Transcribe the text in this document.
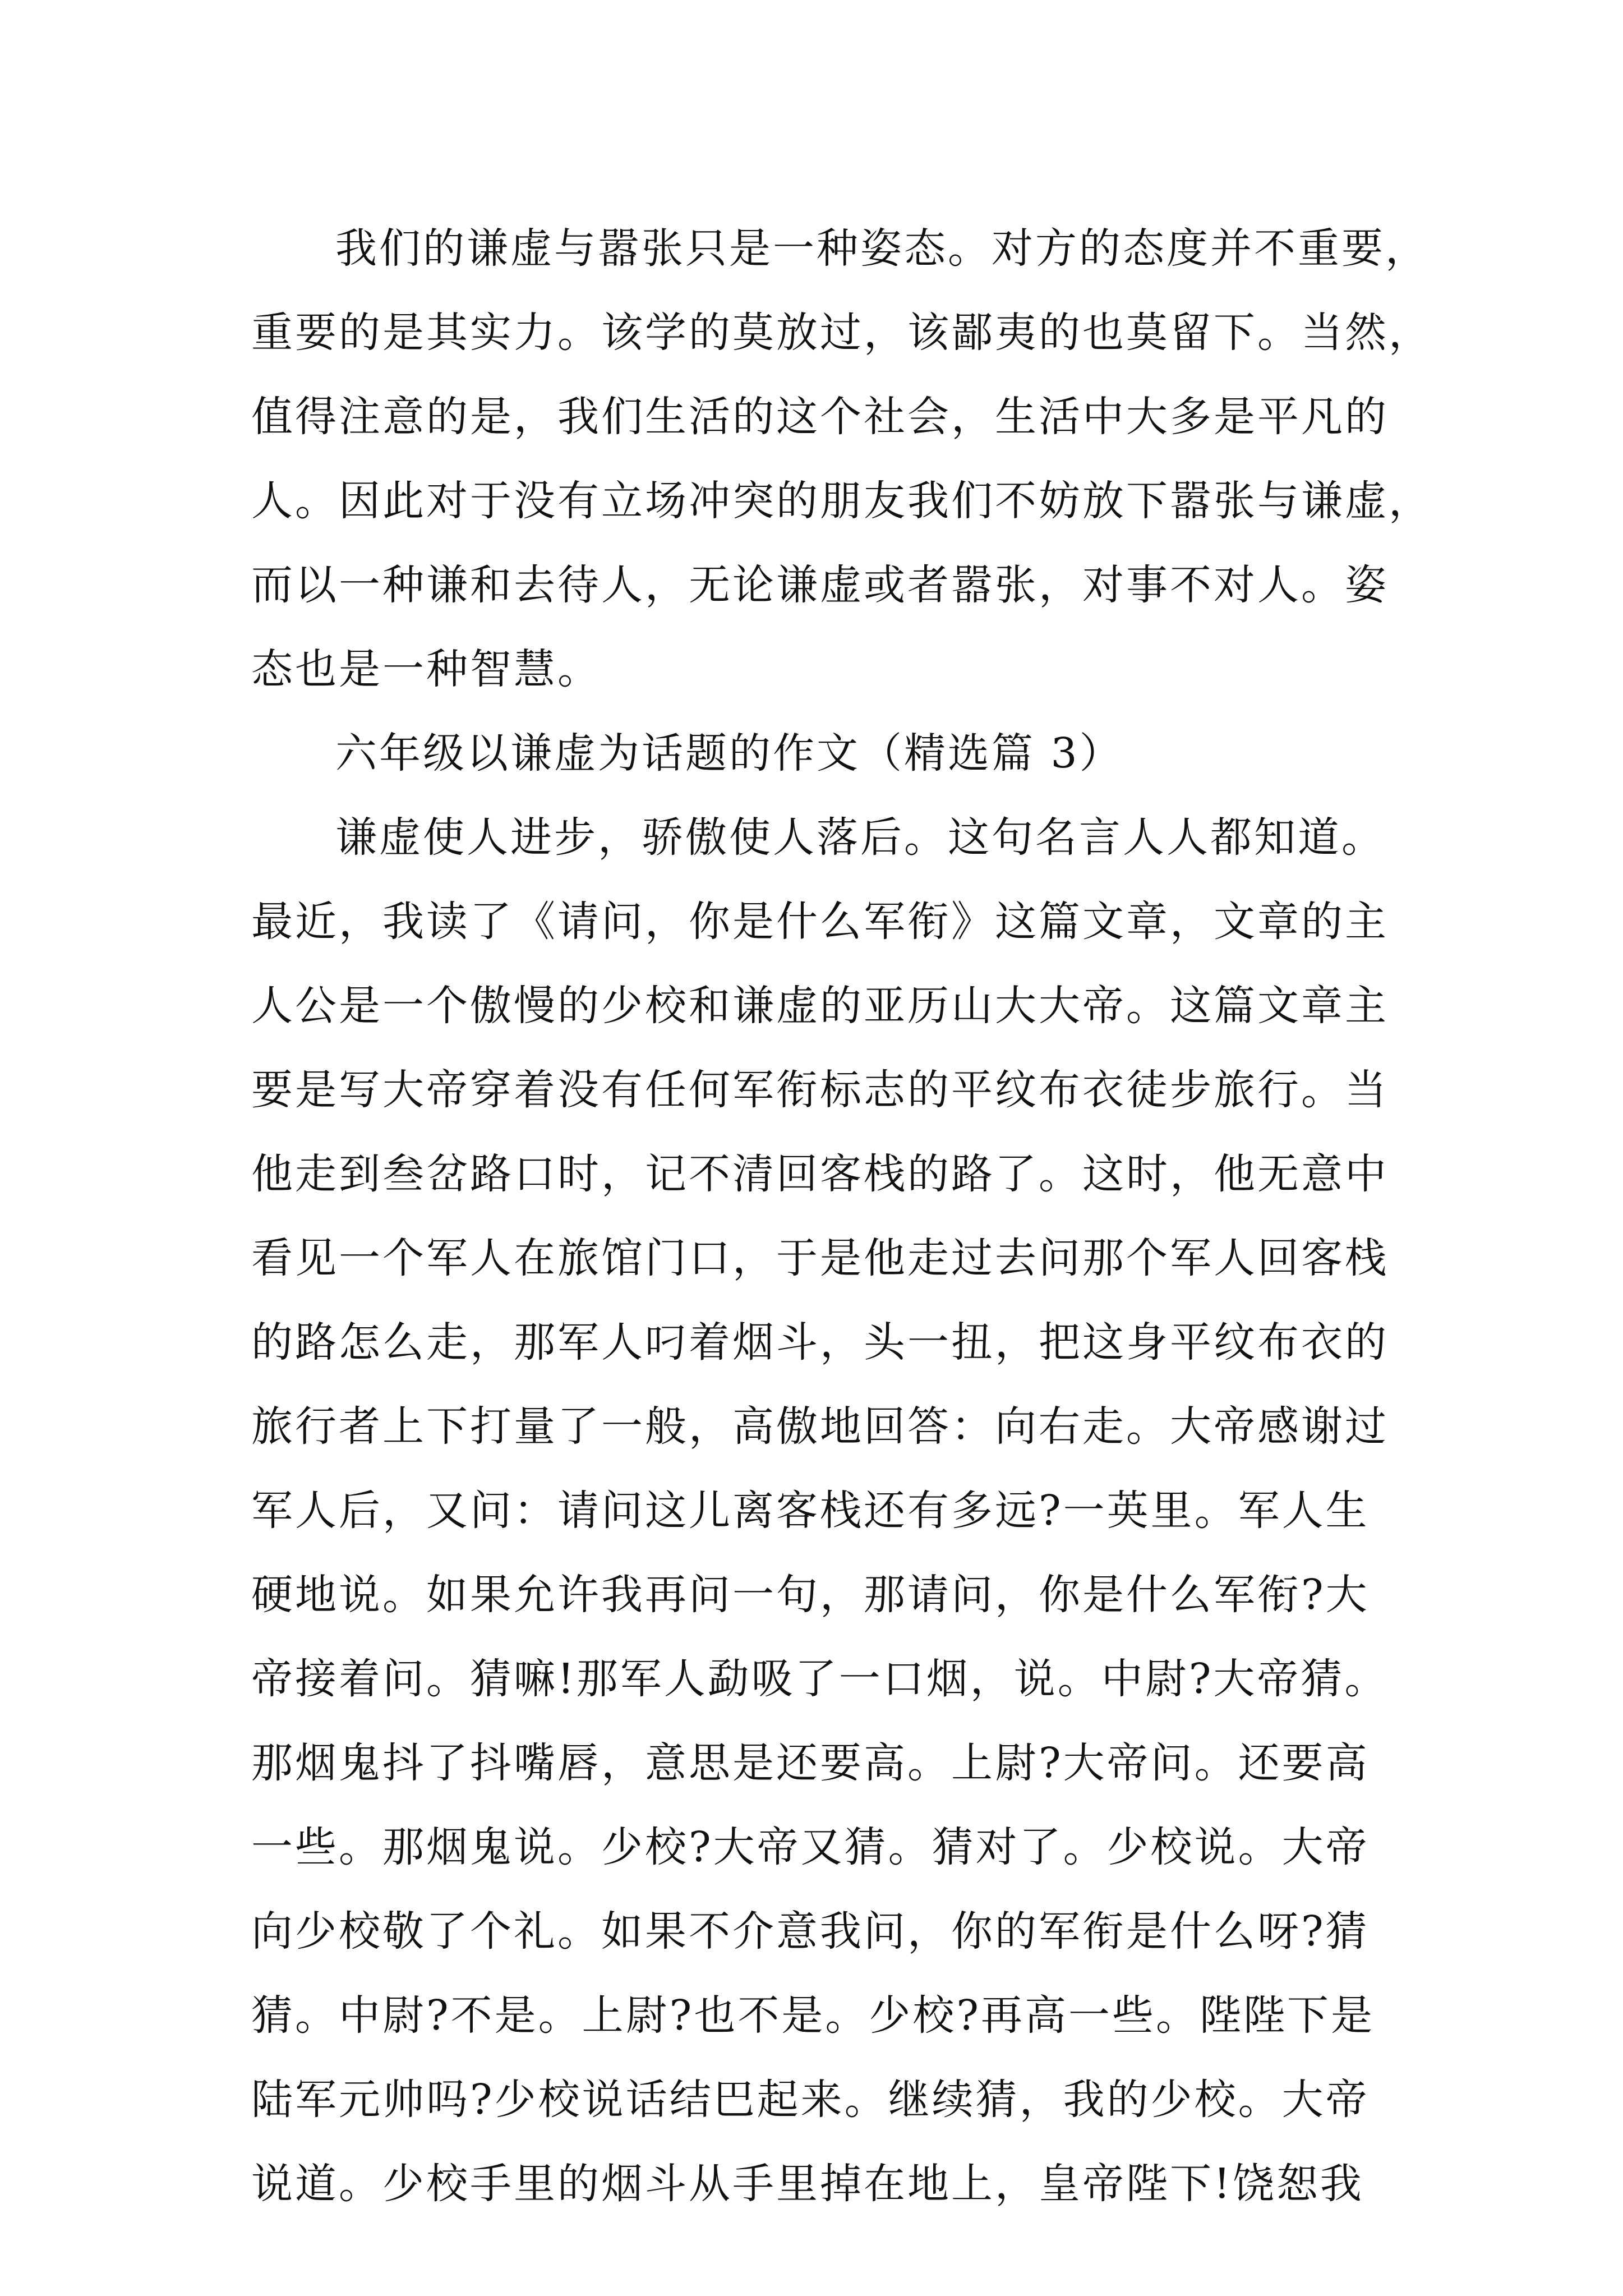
我们的谦虚与嚣张只是一种姿态。对方的态度并不重要，
重要的是其实力。该学的莫放过，该鄙夷的也莫留下。当然，
值得注意的是，我们生活的这个社会，生活中大多是平凡的
人。因此对于没有立场冲突的朋友我们不妨放下嚣张与谦虚，
而以一种谦和去待人，无论谦虚或者嚣张，对事不对人。姿
态也是一种智慧。
六年级以谦虚为话题的作文（精选篇 3）
谦虚使人进步，骄傲使人落后。这句名言人人都知道。
最近，我读了《请问，你是什么军衔》这篇文章，文章的主
人公是一个傲慢的少校和谦虚的亚历山大大帝。这篇文章主
要是写大帝穿着没有任何军衔标志的平纹布衣徒步旅行。当
他走到叁岔路口时，记不清回客栈的路了。这时，他无意中
看见一个军人在旅馆门口，于是他走过去问那个军人回客栈
的路怎么走，那军人叼着烟斗，头一扭，把这身平纹布衣的
旅行者上下打量了一般，高傲地回答：向右走。大帝感谢过
军人后，又问：请问这儿离客栈还有多远?一英里。军人生
硬地说。如果允许我再问一句，那请问，你是什么军衔?大
帝接着问。猜嘛!那军人勐吸了一口烟，说。中尉?大帝猜。
那烟鬼抖了抖嘴唇，意思是还要高。上尉?大帝问。还要高
一些。那烟鬼说。少校?大帝又猜。猜对了。少校说。大帝
向少校敬了个礼。如果不介意我问，你的军衔是什么呀?猜
猜。中尉?不是。上尉?也不是。少校?再高一些。陛陛下是
陆军元帅吗?少校说话结巴起来。继续猜，我的少校。大帝
说道。少校手里的烟斗从手里掉在地上，皇帝陛下!饶恕我
